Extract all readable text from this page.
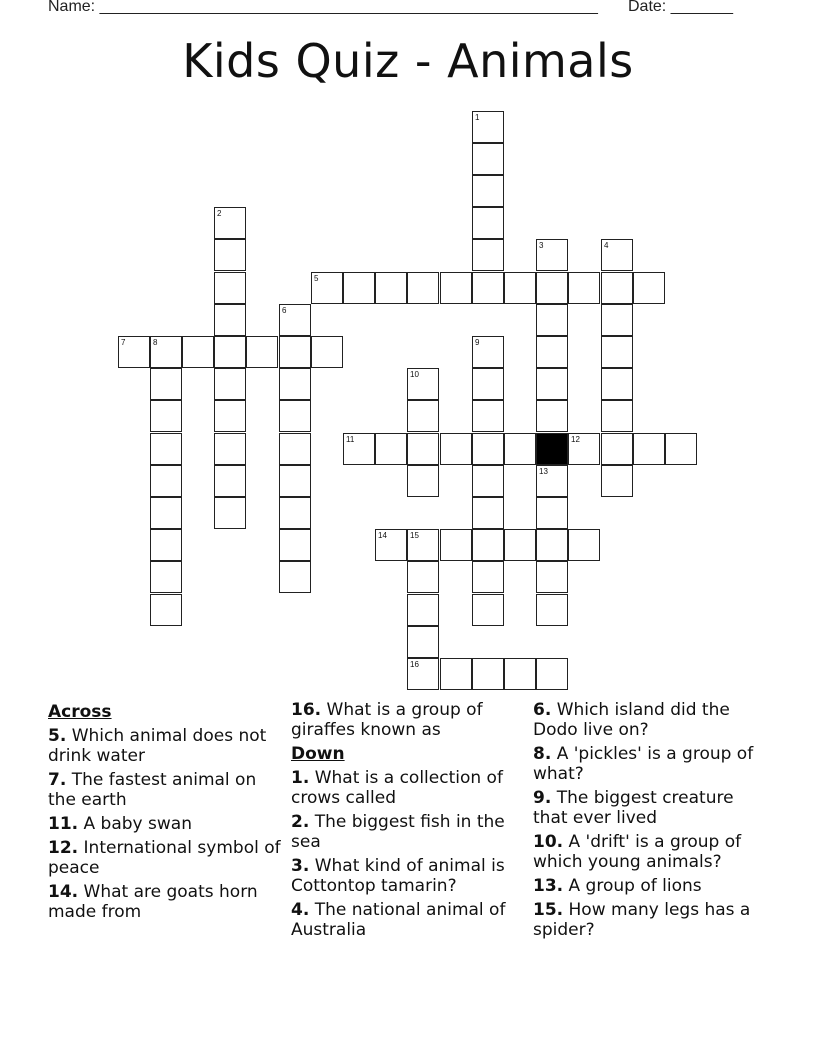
Name: ________________________________________________________ Date: _______
Kids Quiz - Animals
1
2
3	4
5
6
7	8	9
10
11	12
13
14	15
16
Across
5. Which animal does not drink water
7. The fastest animal on the earth
11. A baby swan
12. International symbol of peace
14. What are goats horn made from
16. What is a group of giraffes known as
Down
1. What is a collection of crows called
2. The biggest fish in the sea
3. What kind of animal is Cottontop tamarin?
4. The national animal of Australia
6. Which island did the Dodo live on?
8. A 'pickles' is a group of what?
9. The biggest creature that ever lived
10. A 'drift' is a group of which young animals?
13. A group of lions
15. How many legs has a spider?
